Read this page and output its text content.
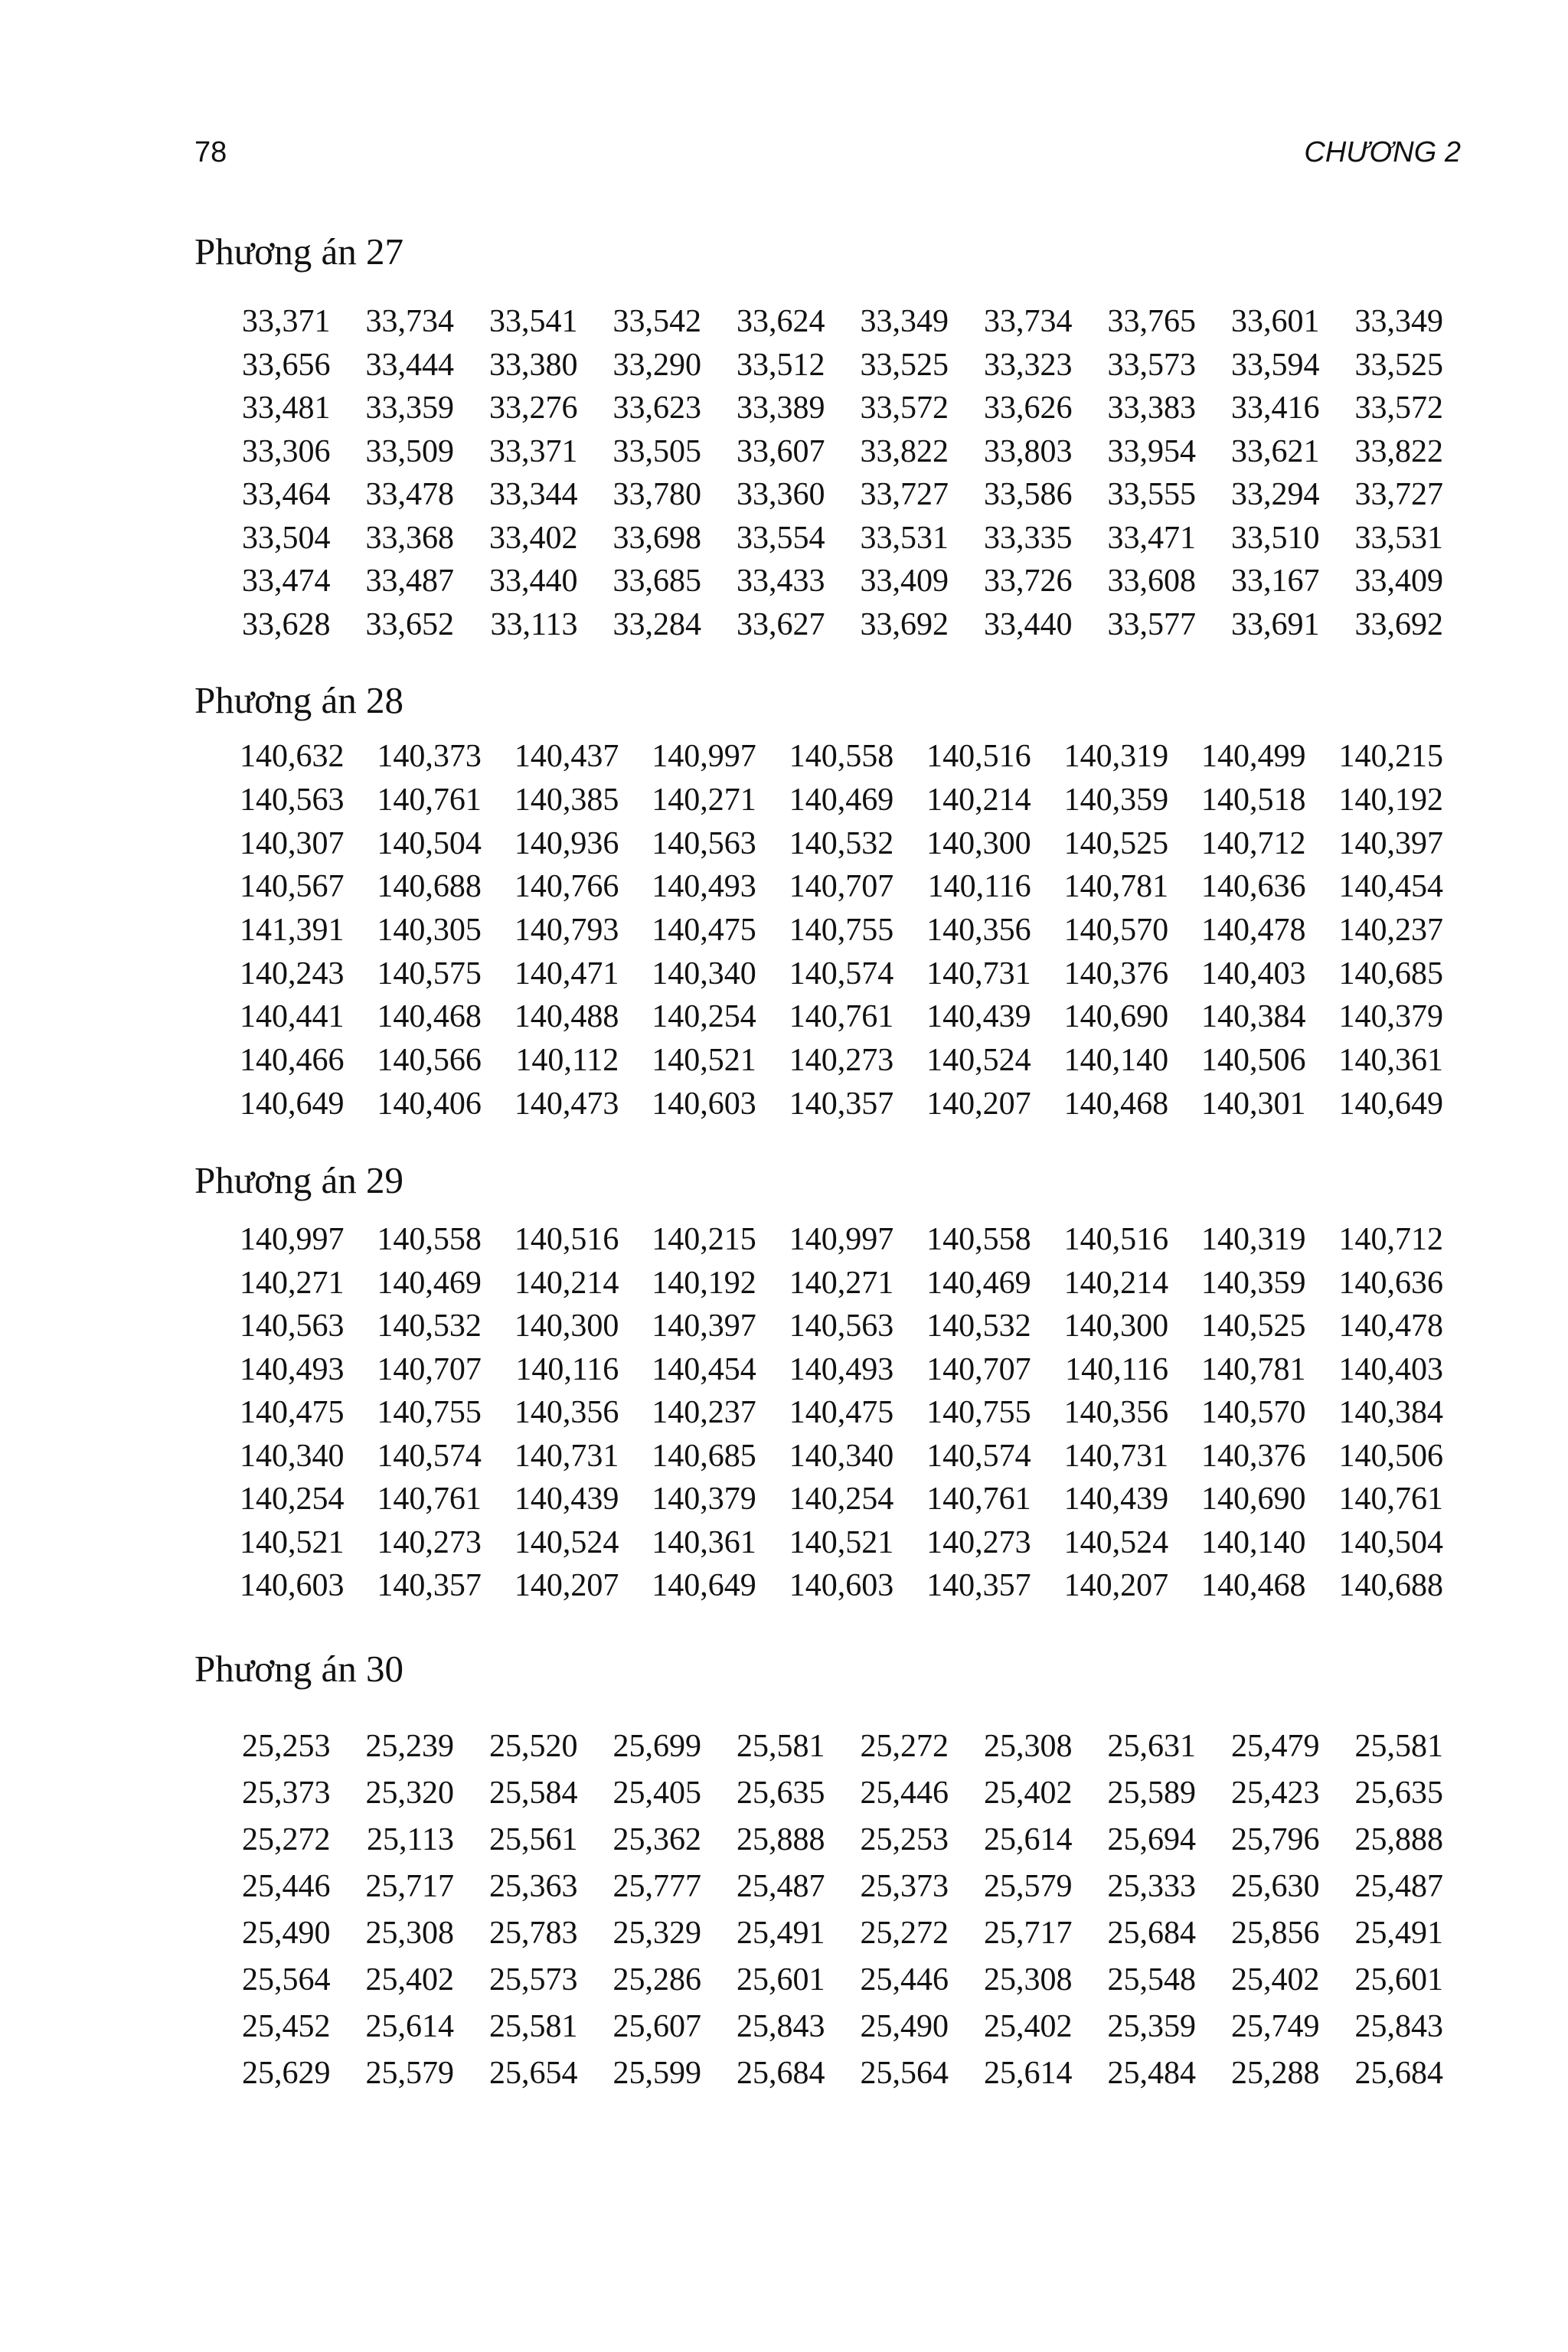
78	CHƯƠNG 2
Phương án 27
33,371	33,734	33,541	33,542	33,624	33,349	33,734	33,765	33,601	33,349
33,656	33,444	33,380	33,290	33,512	33,525	33,323	33,573	33,594	33,525
33,481	33,359	33,276	33,623	33,389	33,572	33,626	33,383	33,416	33,572
33,306	33,509	33,371	33,505	33,607	33,822	33,803	33,954	33,621	33,822
33,464	33,478	33,344	33,780	33,360	33,727	33,586	33,555	33,294	33,727
33,504	33,368	33,402	33,698	33,554	33,531	33,335	33,471	33,510	33,531
33,474	33,487	33,440	33,685	33,433	33,409	33,726	33,608	33,167	33,409
33,628	33,652	33,113	33,284	33,627	33,692	33,440	33,577	33,691	33,692
Phương án 28
140,632	140,373	140,437	140,997	140,558	140,516	140,319	140,499	140,215
140,563	140,761	140,385	140,271	140,469	140,214	140,359	140,518	140,192
140,307	140,504	140,936	140,563	140,532	140,300	140,525	140,712	140,397
140,567	140,688	140,766	140,493	140,707	140,116	140,781	140,636	140,454
141,391	140,305	140,793	140,475	140,755	140,356	140,570	140,478	140,237
140,243	140,575	140,471	140,340	140,574	140,731	140,376	140,403	140,685
140,441	140,468	140,488	140,254	140,761	140,439	140,690	140,384	140,379
140,466	140,566	140,112	140,521	140,273	140,524	140,140	140,506	140,361
140,649	140,406	140,473	140,603	140,357	140,207	140,468	140,301	140,649
Phương án 29
140,997	140,558	140,516	140,215	140,997	140,558	140,516	140,319	140,712
140,271	140,469	140,214	140,192	140,271	140,469	140,214	140,359	140,636
140,563	140,532	140,300	140,397	140,563	140,532	140,300	140,525	140,478
140,493	140,707	140,116	140,454	140,493	140,707	140,116	140,781	140,403
140,475	140,755	140,356	140,237	140,475	140,755	140,356	140,570	140,384
140,340	140,574	140,731	140,685	140,340	140,574	140,731	140,376	140,506
140,254	140,761	140,439	140,379	140,254	140,761	140,439	140,690	140,761
140,521	140,273	140,524	140,361	140,521	140,273	140,524	140,140	140,504
140,603	140,357	140,207	140,649	140,603	140,357	140,207	140,468	140,688
Phương án 30
25,253	25,239	25,520	25,699	25,581	25,272	25,308	25,631	25,479	25,581
25,373	25,320	25,584	25,405	25,635	25,446	25,402	25,589	25,423	25,635
25,272	25,113	25,561	25,362	25,888	25,253	25,614	25,694	25,796	25,888
25,446	25,717	25,363	25,777	25,487	25,373	25,579	25,333	25,630	25,487
25,490	25,308	25,783	25,329	25,491	25,272	25,717	25,684	25,856	25,491
25,564	25,402	25,573	25,286	25,601	25,446	25,308	25,548	25,402	25,601
25,452	25,614	25,581	25,607	25,843	25,490	25,402	25,359	25,749	25,843
25,629	25,579	25,654	25,599	25,684	25,564	25,614	25,484	25,288	25,684
